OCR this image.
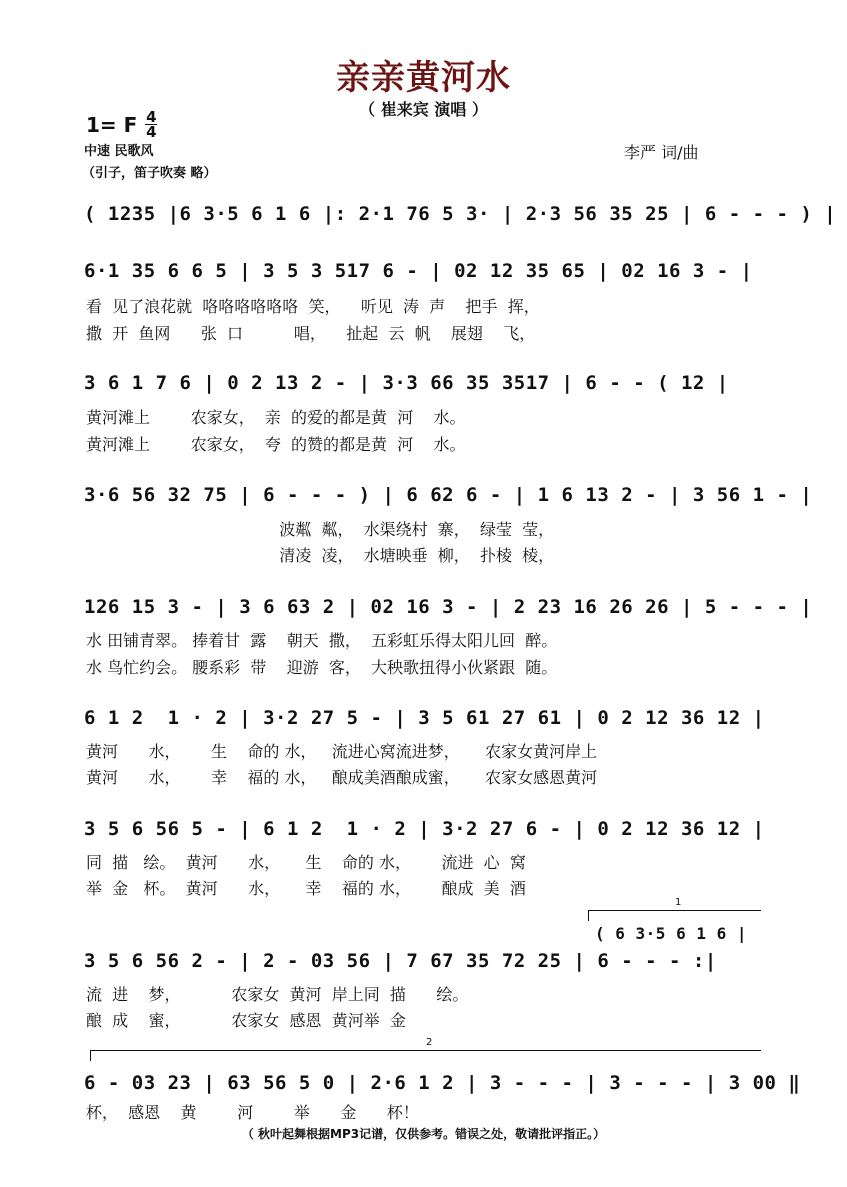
亲亲黄河水
（ 崔来宾 演唱 ）
1= F $\frac{4}{4}$
中速 民歌风
（引子，笛子吹奏 略）
李严 词/曲

( 1235 |6 3·5 6 1 6 |: 2·1 76 5 3· | 2·3 56 35 25 | 6 - - - ) |

6·1 35 6 6 5 | 3 5 3 517 6 - | 02 12 35 65 | 02 16 3 - |

看  见了浪花就  咯咯咯咯咯咯  笑，    听见  涛  声    把手  挥，
撒  开  鱼网      张  口          唱，    扯起  云  帆    展翅    飞，

3 6 1 7 6 | 0 2 13 2 - | 3·3 66 35 3517 | 6 - - ( 12 |

黄河滩上        农家女，  亲  的爱的都是黄  河    水。
黄河滩上        农家女，  夸  的赞的都是黄  河    水。

3·6 56 32 75 | 6 - - - ) | 6 62 6 - | 1 6 13 2 - | 3 56 1 - |

波粼  粼，  水渠绕村  寨，  绿莹  莹，
清凌  凌，  水塘映垂  柳，  扑棱  棱，

126 15 3 - | 3 6 63 2 | 02 16 3 - | 2 23 16 26 26 | 5 - - - |

水 田铺青翠。 捧着甘  露    朝天  撒，  五彩虹乐得太阳儿回  醉。
水 鸟忙约会。 腰系彩  带    迎游  客，  大秧歌扭得小伙紧跟  随。

6 1 2  1 · 2 | 3·2 27 5 - | 3 5 61 27 61 | 0 2 12 36 12 |

黄河      水，      生    命的 水，   流进心窝流进梦，     农家女黄河岸上
黄河      水，      幸    福的 水，   酿成美酒酿成蜜，     农家女感恩黄河

3 5 6 56 5 - | 6 1 2  1 · 2 | 3·2 27 6 - | 0 2 12 36 12 |

同  描   绘。  黄河      水，     生    命的 水，      流进  心  窝
举  金   杯。  黄河      水，     幸    福的 水，      酿成  美  酒
1

( 6 3·5 6 1 6 |

3 5 6 56 2 - | 2 - 03 56 | 7 67 35 72 25 | 6 - - - :|

流  进    梦，          农家女  黄河  岸上同  描      绘。
酿  成    蜜，          农家女  感恩  黄河举  金
2

6 - 03 23 | 63 56 5 0 | 2·6 1 2 | 3 - - - | 3 - - - | 3 00 ‖

杯，  感恩    黄        河        举      金      杯！
（ 秋叶起舞根据MP3记谱，仅供参考。错误之处，敬请批评指正。）
